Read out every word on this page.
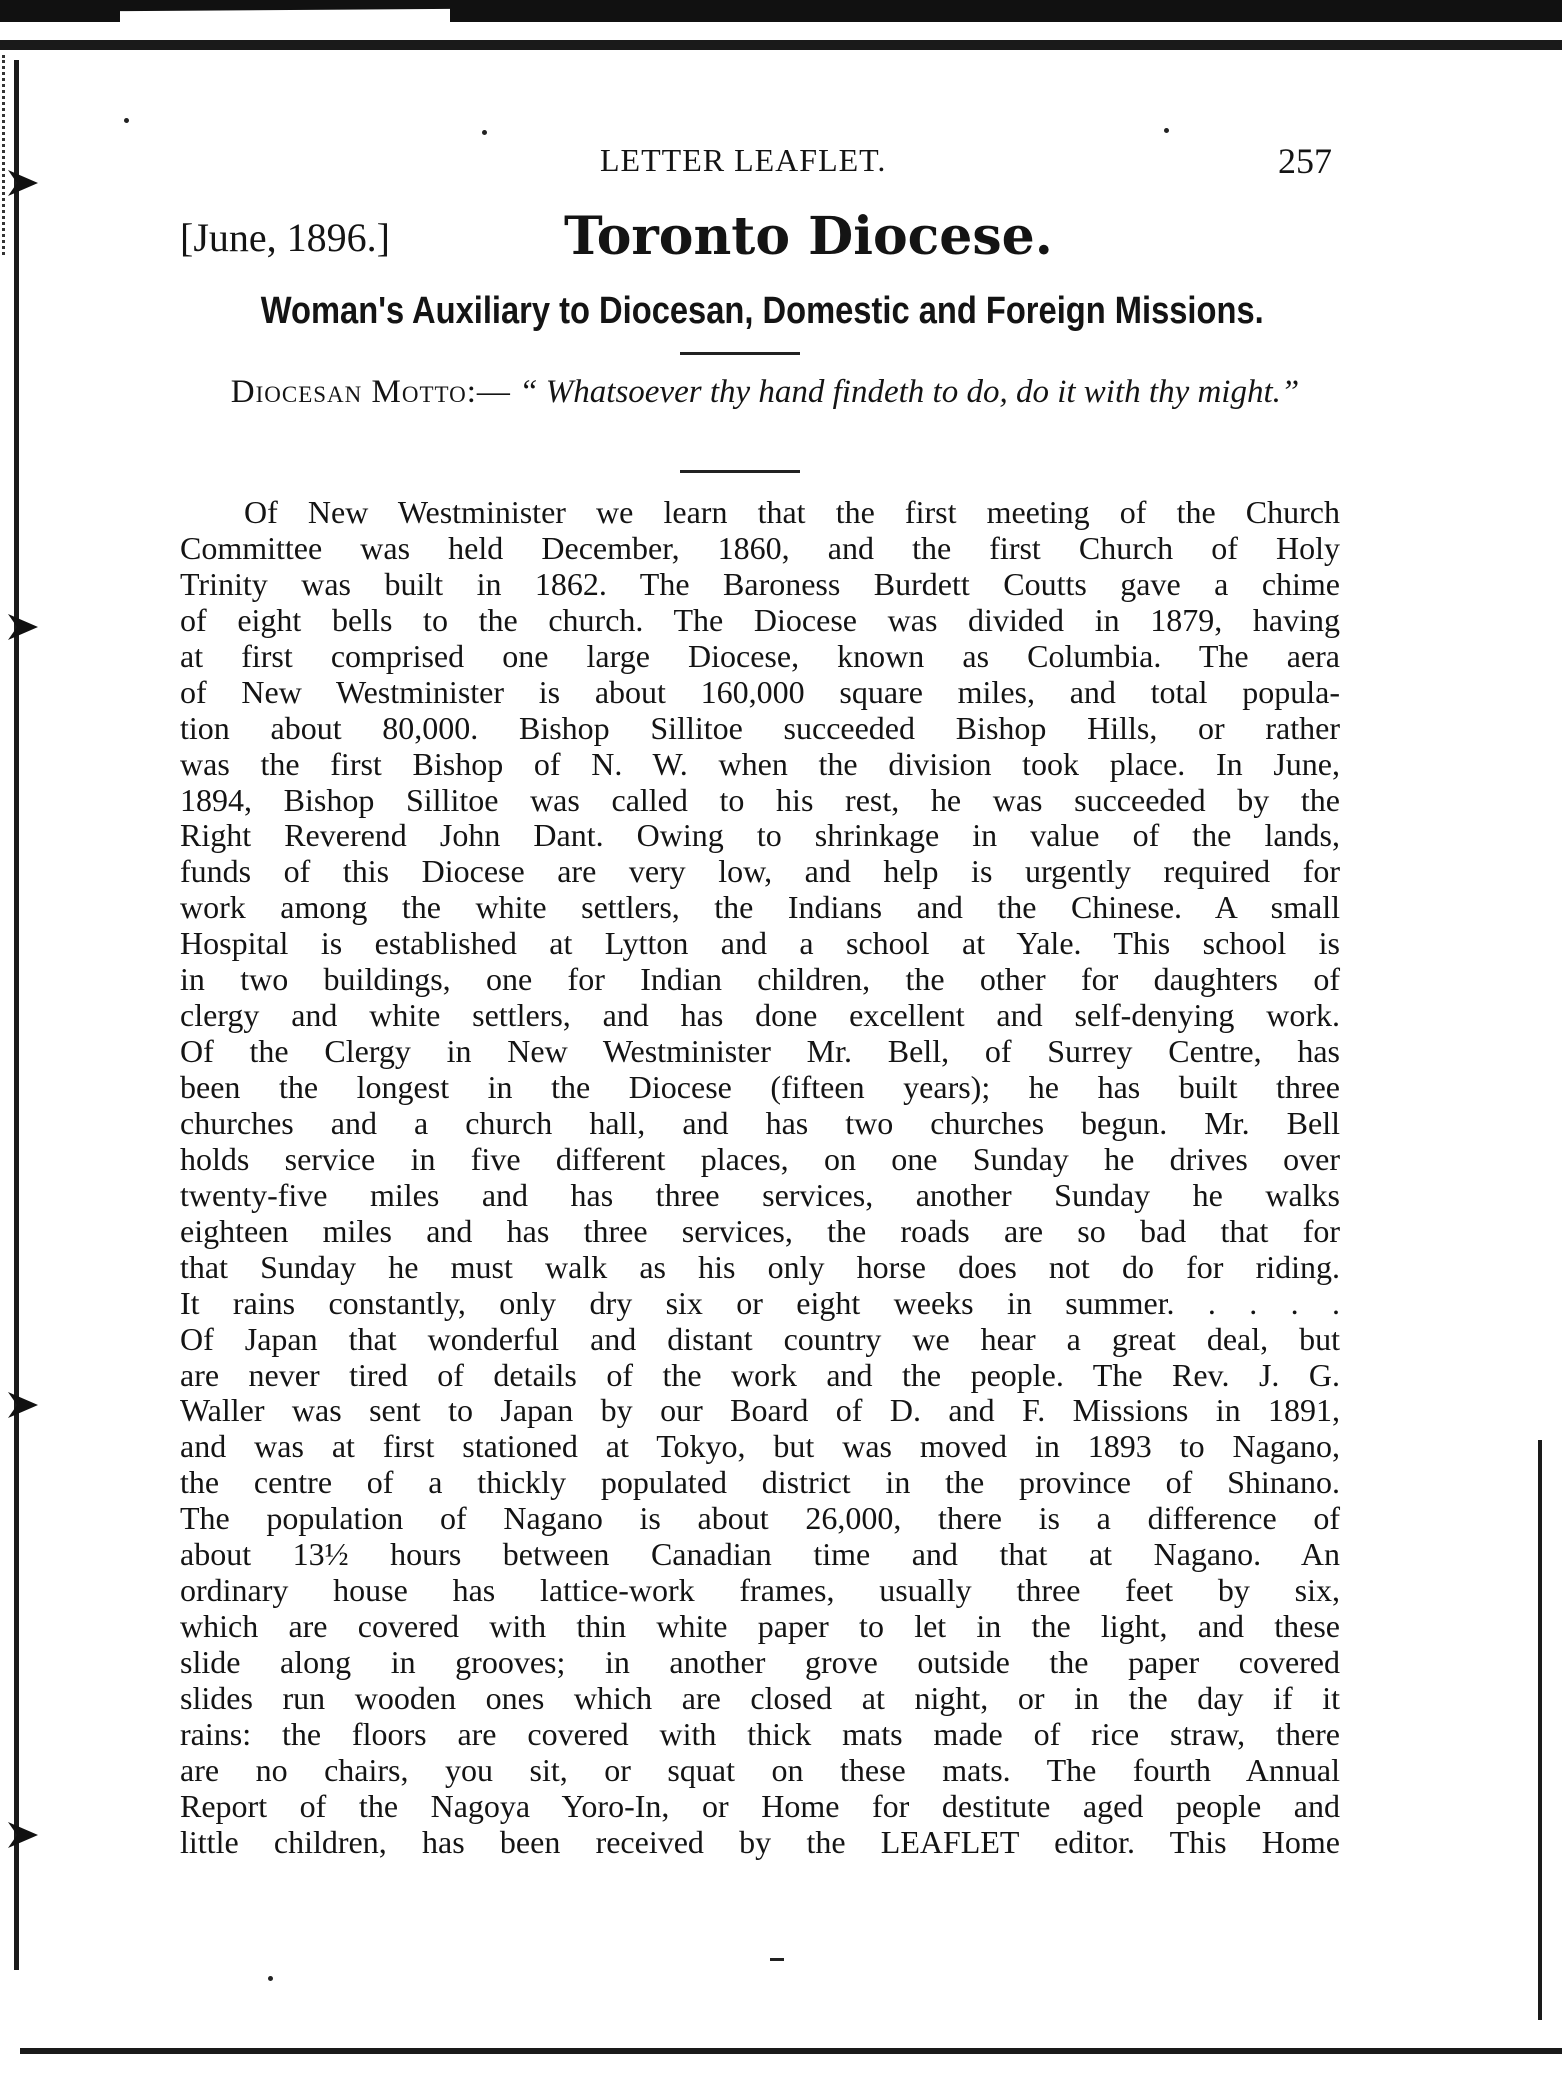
LETTER LEAFLET.	257
[June, 1896.]	Toronto Diocese.
Woman's Auxiliary to Diocesan, Domestic and Foreign Missions.
Diocesan Motto:— “ Whatsoever thy hand findeth to do, do it with thy might.”
Of New Westminister we learn that the first meeting of the Church
Committee was held December, 1860, and the first Church of Holy
Trinity was built in 1862. The Baroness Burdett Coutts gave a chime
of eight bells to the church. The Diocese was divided in 1879, having
at first comprised one large Diocese, known as Columbia. The aera
of New Westminister is about 160,000 square miles, and total popula-
tion about 80,000. Bishop Sillitoe succeeded Bishop Hills, or rather
was the first Bishop of N. W. when the division took place. In June,
1894, Bishop Sillitoe was called to his rest, he was succeeded by the
Right Reverend John Dant. Owing to shrinkage in value of the lands,
funds of this Diocese are very low, and help is urgently required for
work among the white settlers, the Indians and the Chinese. A small
Hospital is established at Lytton and a school at Yale. This school is
in two buildings, one for Indian children, the other for daughters of
clergy and white settlers, and has done excellent and self-denying work.
Of the Clergy in New Westminister Mr. Bell, of Surrey Centre, has
been the longest in the Diocese (fifteen years); he has built three
churches and a church hall, and has two churches begun. Mr. Bell
holds service in five different places, on one Sunday he drives over
twenty-five miles and has three services, another Sunday he walks
eighteen miles and has three services, the roads are so bad that for
that Sunday he must walk as his only horse does not do for riding.
It rains constantly, only dry six or eight weeks in summer. . . . .
Of Japan that wonderful and distant country we hear a great deal, but
are never tired of details of the work and the people. The Rev. J. G.
Waller was sent to Japan by our Board of D. and F. Missions in 1891,
and was at first stationed at Tokyo, but was moved in 1893 to Nagano,
the centre of a thickly populated district in the province of Shinano.
The population of Nagano is about 26,000, there is a difference of
about 13½ hours between Canadian time and that at Nagano. An
ordinary house has lattice-work frames, usually three feet by six,
which are covered with thin white paper to let in the light, and these
slide along in grooves; in another grove outside the paper covered
slides run wooden ones which are closed at night, or in the day if it
rains: the floors are covered with thick mats made of rice straw, there
are no chairs, you sit, or squat on these mats. The fourth Annual
Report of the Nagoya Yoro-In, or Home for destitute aged people and
little children, has been received by the LEAFLET editor. This Home
